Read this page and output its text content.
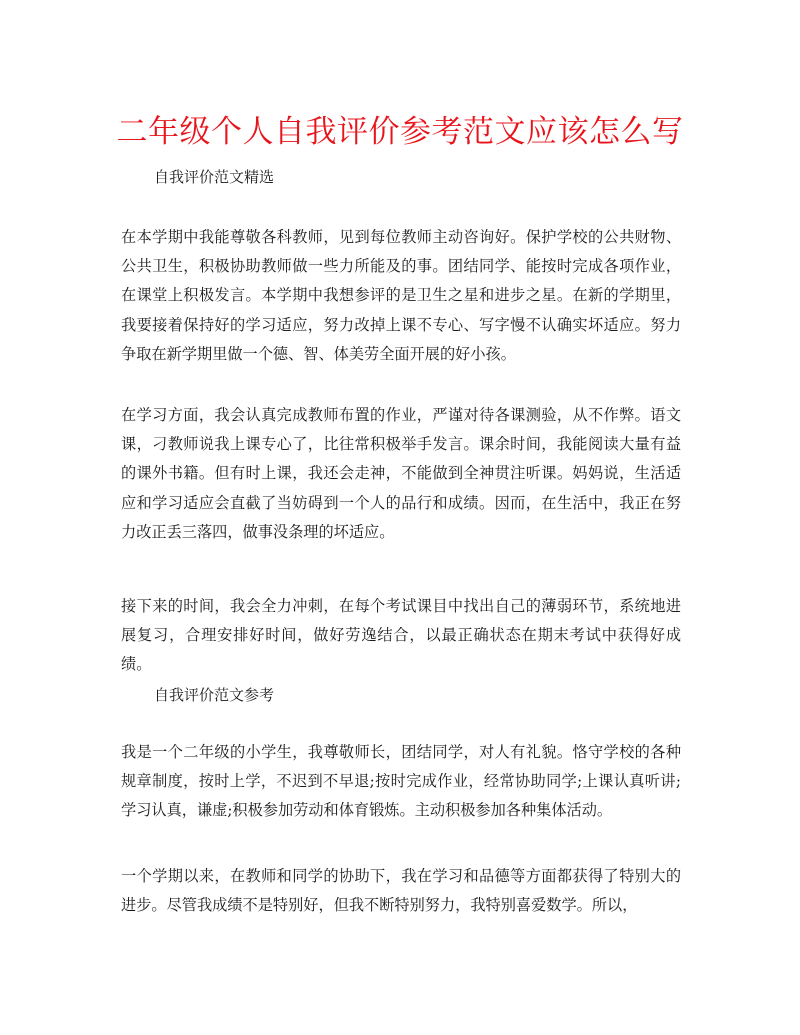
二年级个人自我评价参考范文应该怎么写

自我评价范文精选

在本学期中我能尊敬各科教师，见到每位教师主动咨询好。保护学校的公共财物、公共卫生，积极协助教师做一些力所能及的事。团结同学、能按时完成各项作业，在课堂上积极发言。本学期中我想参评的是卫生之星和进步之星。在新的学期里，我要接着保持好的学习适应，努力改掉上课不专心、写字慢不认确实坏适应。努力争取在新学期里做一个德、智、体美劳全面开展的好小孩。

在学习方面，我会认真完成教师布置的作业，严谨对待各课测验，从不作弊。语文课，刁教师说我上课专心了，比往常积极举手发言。课余时间，我能阅读大量有益的课外书籍。但有时上课，我还会走神，不能做到全神贯注听课。妈妈说，生活适应和学习适应会直截了当妨碍到一个人的品行和成绩。因而，在生活中，我正在努力改正丢三落四，做事没条理的坏适应。

接下来的时间，我会全力冲刺，在每个考试课目中找出自己的薄弱环节，系统地进展复习，合理安排好时间，做好劳逸结合，以最正确状态在期末考试中获得好成绩。

自我评价范文参考

我是一个二年级的小学生，我尊敬师长，团结同学，对人有礼貌。恪守学校的各种规章制度，按时上学，不迟到不早退;按时完成作业，经常协助同学;上课认真听讲;学习认真，谦虚;积极参加劳动和体育锻炼。主动积极参加各种集体活动。

一个学期以来，在教师和同学的协助下，我在学习和品德等方面都获得了特别大的进步。尽管我成绩不是特别好，但我不断特别努力，我特别喜爱数学。所以，
